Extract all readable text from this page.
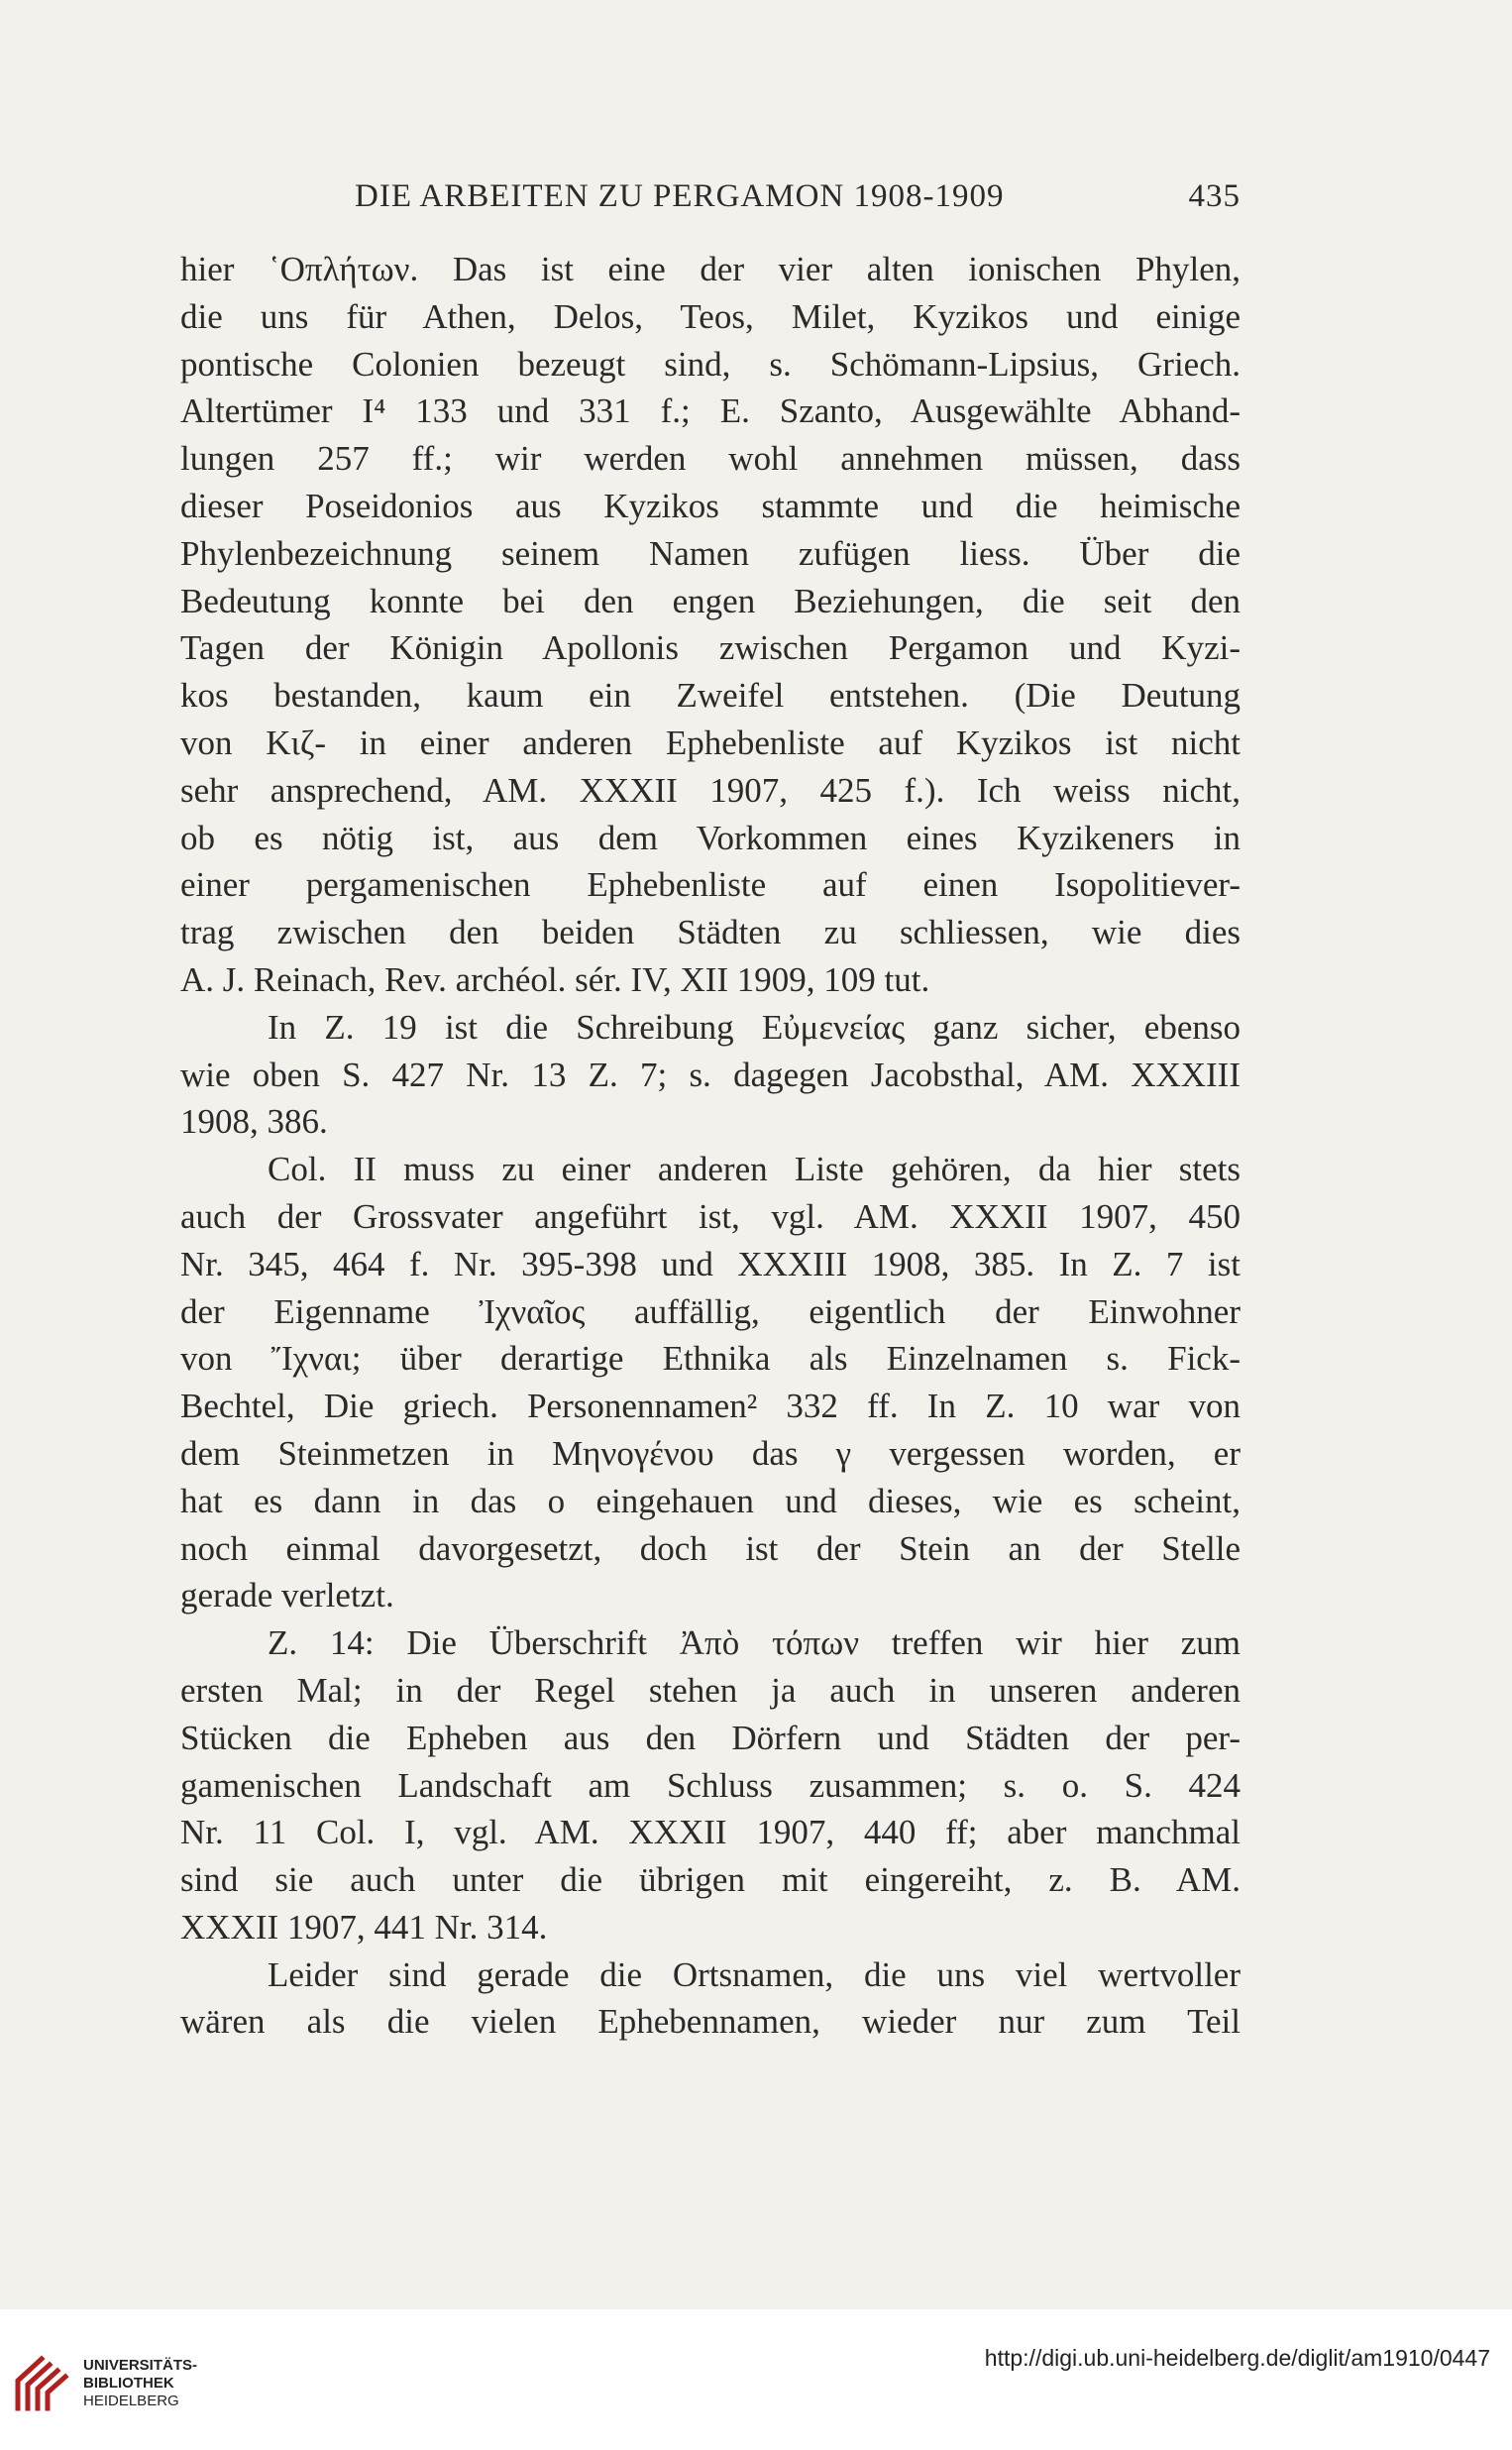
DIE ARBEITEN ZU PERGAMON 1908-1909	435
hier ῾Οπλήτων. Das ist eine der vier alten ionischen Phylen,
die uns für Athen, Delos, Teos, Milet, Kyzikos und einige
pontische Colonien bezeugt sind, s. Schömann-Lipsius, Griech.
Altertümer I⁴ 133 und 331 f.; E. Szanto, Ausgewählte Abhand-
lungen 257 ff.; wir werden wohl annehmen müssen, dass
dieser Poseidonios aus Kyzikos stammte und die heimische
Phylenbezeichnung seinem Namen zufügen liess. Über die
Bedeutung konnte bei den engen Beziehungen, die seit den
Tagen der Königin Apollonis zwischen Pergamon und Kyzi-
kos bestanden, kaum ein Zweifel entstehen. (Die Deutung
von Κιζ- in einer anderen Ephebenliste auf Kyzikos ist nicht
sehr ansprechend, AM. XXXII 1907, 425 f.). Ich weiss nicht,
ob es nötig ist, aus dem Vorkommen eines Kyzikeners in
einer pergamenischen Ephebenliste auf einen Isopolitiever-
trag zwischen den beiden Städten zu schliessen, wie dies
A. J. Reinach, Rev. archéol. sér. IV, XII 1909, 109 tut.
In Z. 19 ist die Schreibung Εὐμενείας ganz sicher, ebenso
wie oben S. 427 Nr. 13 Z. 7; s. dagegen Jacobsthal, AM. XXXIII
1908, 386.
Col. II muss zu einer anderen Liste gehören, da hier stets
auch der Grossvater angeführt ist, vgl. AM. XXXII 1907, 450
Nr. 345, 464 f. Nr. 395-398 und XXXIII 1908, 385. In Z. 7 ist
der Eigenname Ἰχναῖος auffällig, eigentlich der Einwohner
von Ἴχναι; über derartige Ethnika als Einzelnamen s. Fick-
Bechtel, Die griech. Personennamen² 332 ff. In Z. 10 war von
dem Steinmetzen in Μηνογένου das γ vergessen worden, er
hat es dann in das ο eingehauen und dieses, wie es scheint,
noch einmal davorgesetzt, doch ist der Stein an der Stelle
gerade verletzt.
Z. 14: Die Überschrift Ἀπὸ τόπων treffen wir hier zum
ersten Mal; in der Regel stehen ja auch in unseren anderen
Stücken die Epheben aus den Dörfern und Städten der per-
gamenischen Landschaft am Schluss zusammen; s. o. S. 424
Nr. 11 Col. I, vgl. AM. XXXII 1907, 440 ff; aber manchmal
sind sie auch unter die übrigen mit eingereiht, z. B. AM.
XXXII 1907, 441 Nr. 314.
Leider sind gerade die Ortsnamen, die uns viel wertvoller
wären als die vielen Ephebennamen, wieder nur zum Teil
UNIVERSITÄTS-
BIBLIOTHEK
HEIDELBERG
http://digi.ub.uni-heidelberg.de/diglit/am1910/0447
